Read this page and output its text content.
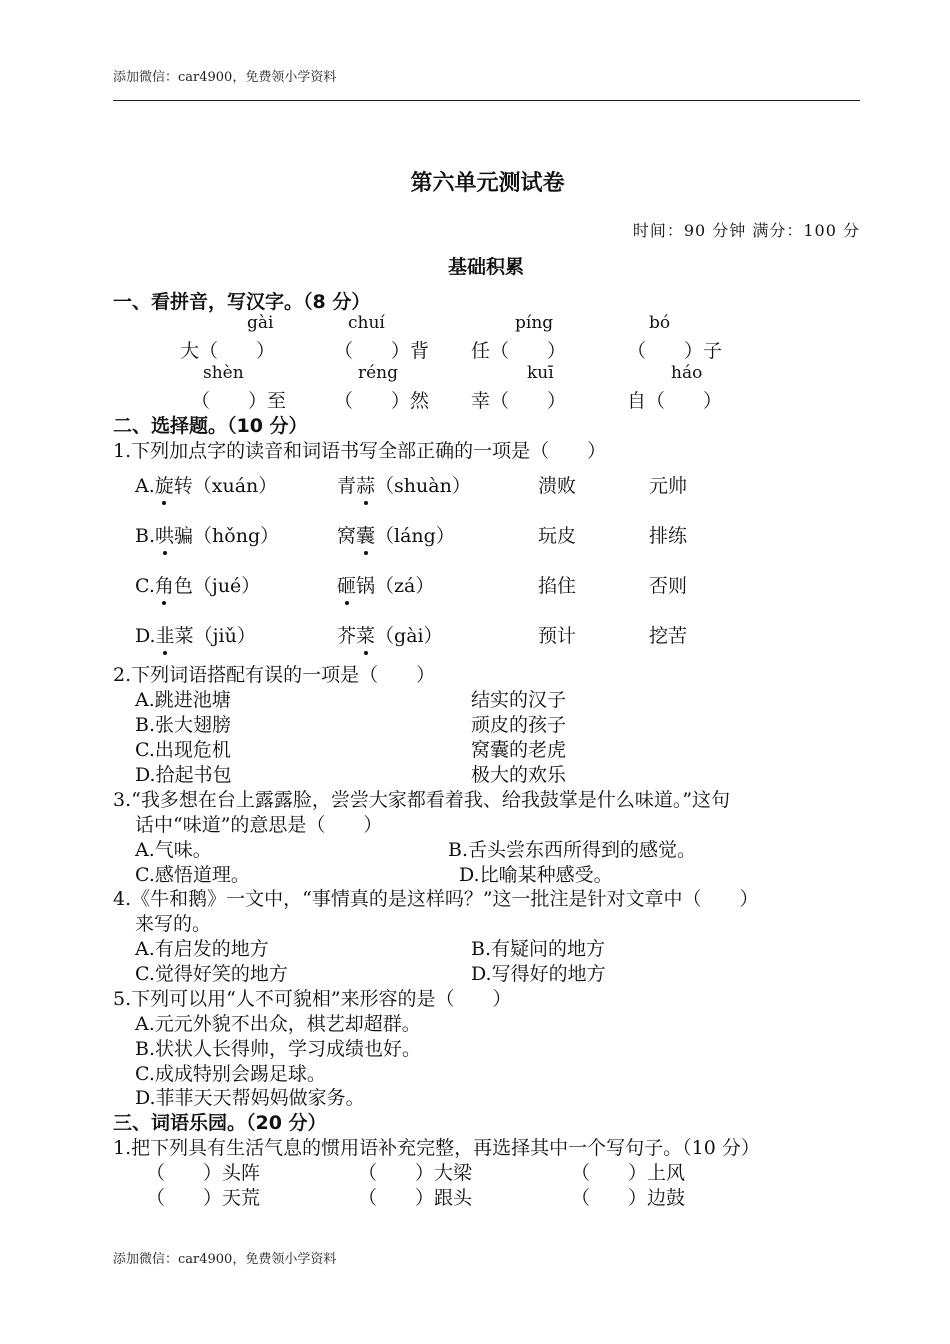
添加微信：car4900，免费领小学资料
第六单元测试卷
时间：90 分钟 满分：100 分
基础积累
一、看拼音，写汉字。（8 分）
gài	chuí	píng	bó
大（　　）	（　　）背 任（　　）	（　　）子
shèn	réng	kuī	háo
（　　）至	（　　）然 幸（　　）	自（　　）
二、选择题。（10 分）
1.下列加点字的读音和词语书写全部正确的一项是（　　）
A.旋转（xuán）	青蒜（shuàn）	溃败	元帅
B.哄骗（hǒng）	窝囊（láng）	玩皮	排练
C.角色（jué）	砸锅（zá）	掐住	否则
D.韭菜（jiǔ）	芥菜（gài）	预计	挖苦
2.下列词语搭配有误的一项是（　　）
A.跳进池塘	结实的汉子
B.张大翅膀	顽皮的孩子
C.出现危机	窝囊的老虎
D.拾起书包	极大的欢乐
3.“我多想在台上露露脸，尝尝大家都看着我、给我鼓掌是什么味道。”这句
话中“味道”的意思是（　　）
A.气味。	B.舌头尝东西所得到的感觉。
C.感悟道理。	D.比喻某种感受。
4.《牛和鹅》一文中，“事情真的是这样吗？”这一批注是针对文章中（　　）
来写的。
A.有启发的地方	B.有疑问的地方
C.觉得好笑的地方	D.写得好的地方
5.下列可以用“人不可貌相”来形容的是（　　）
A.元元外貌不出众，棋艺却超群。
B.状状人长得帅，学习成绩也好。
C.成成特别会踢足球。
D.菲菲天天帮妈妈做家务。
三、词语乐园。（20 分）
1.把下列具有生活气息的惯用语补充完整，再选择其中一个写句子。（10 分）
（　　）头阵	（　　）大梁	（　　）上风
（　　）天荒	（　　）跟头	（　　）边鼓
添加微信：car4900，免费领小学资料
